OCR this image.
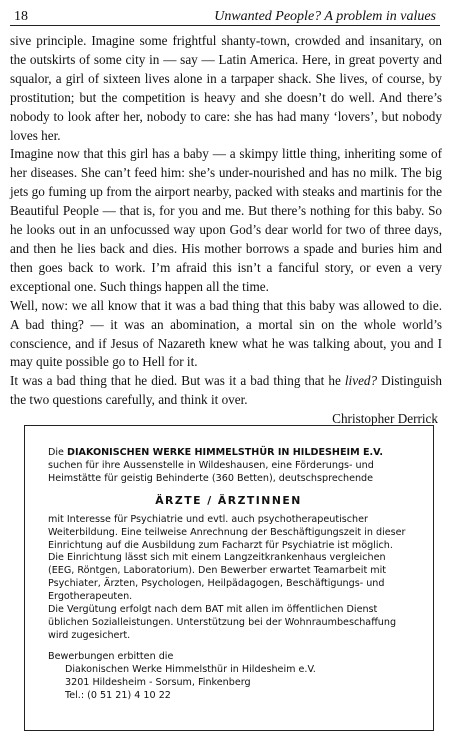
18	Unwanted People? A problem in values

sive principle. Imagine some frightful shanty-town, crowded and insanitary, on the outskirts of some city in — say — Latin America. Here, in great poverty and squalor, a girl of sixteen lives alone in a tarpaper shack. She lives, of course, by prostitution; but the competition is heavy and she doesn’t do well. And there’s nobody to look after her, nobody to care: she has had many ‘lovers’, but nobody loves her.

Imagine now that this girl has a baby — a skimpy little thing, inheriting some of her diseases. She can’t feed him: she’s under-nourished and has no milk. The big jets go fuming up from the airport nearby, packed with steaks and martinis for the Beautiful People — that is, for you and me. But there’s nothing for this baby. So he looks out in an unfocussed way upon God’s dear world for two of three days, and then he lies back and dies. His mother borrows a spade and buries him and then goes back to work. I’m afraid this isn’t a fanciful story, or even a very exceptional one. Such things happen all the time.

Well, now: we all know that it was a bad thing that this baby was allowed to die. A bad thing? — it was an abomination, a mortal sin on the whole world’s conscience, and if Jesus of Nazareth knew what he was talking about, you and I may quite possible go to Hell for it.

It was a bad thing that he died. But was it a bad thing that he lived? Distinguish the two questions carefully, and think it over.

Christopher Derrick

Die DIAKONISCHEN WERKE HIMMELSTHÜR IN HILDESHEIM E.V.
suchen für ihre Aussenstelle in Wildeshausen, eine Förderungs- und Heimstätte für geistig Behinderte (360 Betten), deutschsprechende

ÄRZTE / ÄRZTINNEN

mit Interesse für Psychiatrie und evtl. auch psychotherapeutischer Weiterbildung. Eine teilweise Anrechnung der Beschäftigungszeit in dieser Einrichtung auf die Ausbildung zum Facharzt für Psychiatrie ist möglich.

Die Einrichtung lässt sich mit einem Langzeitkrankenhaus vergleichen (EEG, Röntgen, Laboratorium). Den Bewerber erwartet Teamarbeit mit Psychiater, Ärzten, Psychologen, Heilpädagogen, Beschäftigungs- und Ergotherapeuten.

Die Vergütung erfolgt nach dem BAT mit allen im öffentlichen Dienst üblichen Sozialleistungen. Unterstützung bei der Wohnraumbeschaffung wird zugesichert.

Bewerbungen erbitten die

Diakonischen Werke Himmelsthür in Hildesheim e.V.

3201 Hildesheim - Sorsum, Finkenberg

Tel.: (0 51 21) 4 10 22
